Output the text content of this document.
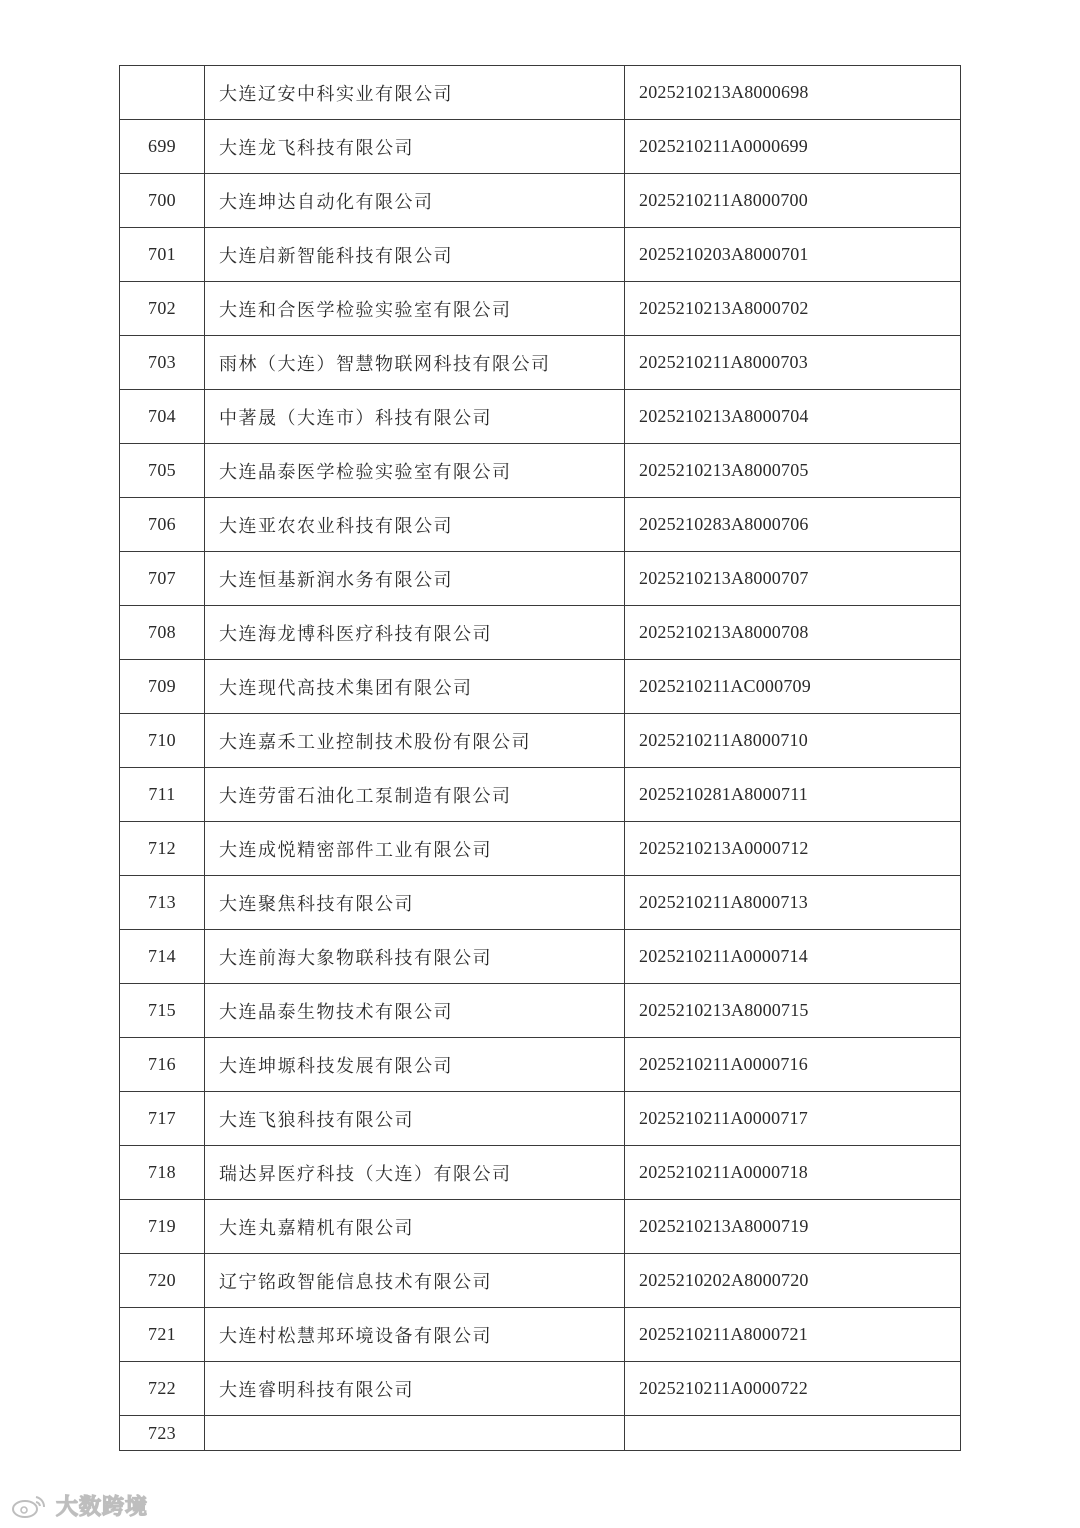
	大连辽安中科实业有限公司	2025210213A8000698
699	大连龙飞科技有限公司	2025210211A0000699
700	大连坤达自动化有限公司	2025210211A8000700
701	大连启新智能科技有限公司	2025210203A8000701
702	大连和合医学检验实验室有限公司	2025210213A8000702
703	雨林（大连）智慧物联网科技有限公司	2025210211A8000703
704	中著晟（大连市）科技有限公司	2025210213A8000704
705	大连晶泰医学检验实验室有限公司	2025210213A8000705
706	大连亚农农业科技有限公司	2025210283A8000706
707	大连恒基新润水务有限公司	2025210213A8000707
708	大连海龙博科医疗科技有限公司	2025210213A8000708
709	大连现代高技术集团有限公司	2025210211AC000709
710	大连嘉禾工业控制技术股份有限公司	2025210211A8000710
711	大连劳雷石油化工泵制造有限公司	2025210281A8000711
712	大连成悦精密部件工业有限公司	2025210213A0000712
713	大连聚焦科技有限公司	2025210211A8000713
714	大连前海大象物联科技有限公司	2025210211A0000714
715	大连晶泰生物技术有限公司	2025210213A8000715
716	大连坤塬科技发展有限公司	2025210211A0000716
717	大连飞狼科技有限公司	2025210211A0000717
718	瑞达昇医疗科技（大连）有限公司	2025210211A0000718
719	大连丸嘉精机有限公司	2025210213A8000719
720	辽宁铭政智能信息技术有限公司	2025210202A8000720
721	大连村松慧邦环境设备有限公司	2025210211A8000721
722	大连睿明科技有限公司	2025210211A0000722
723		
大数跨境
